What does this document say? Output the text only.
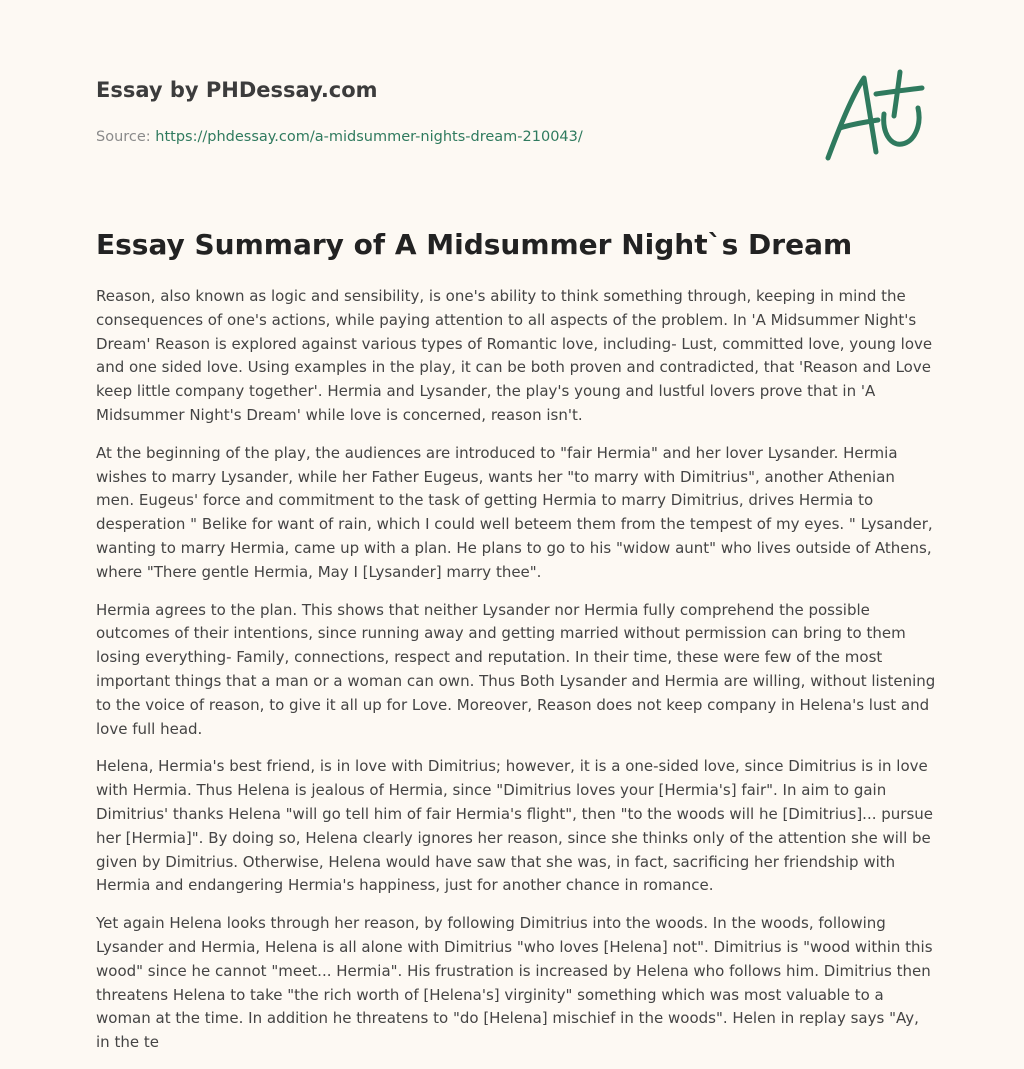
Essay by PHDessay.com
Source: https://phdessay.com/a-midsummer-nights-dream-210043/
Essay Summary of A Midsummer Night`s Dream

Reason, also known as logic and sensibility, is one's ability to think something through, keeping in mind the consequences of one's actions, while paying attention to all aspects of the problem. In 'A Midsummer Night's Dream' Reason is explored against various types of Romantic love, including- Lust, committed love, young love and one sided love. Using examples in the play, it can be both proven and contradicted, that 'Reason and Love keep little company together'. Hermia and Lysander, the play's young and lustful lovers prove that in 'A Midsummer Night's Dream' while love is concerned, reason isn't.

At the beginning of the play, the audiences are introduced to "fair Hermia" and her lover Lysander. Hermia wishes to marry Lysander, while her Father Eugeus, wants her "to marry with Dimitrius", another Athenian men. Eugeus' force and commitment to the task of getting Hermia to marry Dimitrius, drives Hermia to desperation " Belike for want of rain, which I could well beteem them from the tempest of my eyes. " Lysander, wanting to marry Hermia, came up with a plan. He plans to go to his "widow aunt" who lives outside of Athens, where "There gentle Hermia, May I [Lysander] marry thee".

Hermia agrees to the plan. This shows that neither Lysander nor Hermia fully comprehend the possible outcomes of their intentions, since running away and getting married without permission can bring to them losing everything- Family, connections, respect and reputation. In their time, these were few of the most important things that a man or a woman can own. Thus Both Lysander and Hermia are willing, without listening to the voice of reason, to give it all up for Love. Moreover, Reason does not keep company in Helena's lust and love full head.

Helena, Hermia's best friend, is in love with Dimitrius; however, it is a one-sided love, since Dimitrius is in love with Hermia. Thus Helena is jealous of Hermia, since "Dimitrius loves your [Hermia's] fair". In aim to gain Dimitrius' thanks Helena "will go tell him of fair Hermia's flight", then "to the woods will he [Dimitrius]... pursue her [Hermia]". By doing so, Helena clearly ignores her reason, since she thinks only of the attention she will be given by Dimitrius. Otherwise, Helena would have saw that she was, in fact, sacrificing her friendship with Hermia and endangering Hermia's happiness, just for another chance in romance.

Yet again Helena looks through her reason, by following Dimitrius into the woods. In the woods, following Lysander and Hermia, Helena is all alone with Dimitrius "who loves [Helena] not". Dimitrius is "wood within this wood" since he cannot "meet... Hermia". His frustration is increased by Helena who follows him. Dimitrius then threatens Helena to take "the rich worth of [Helena's] virginity" something which was most valuable to a woman at the time. In addition he threatens to "do [Helena] mischief in the woods". Helen in replay says "Ay, in the te
